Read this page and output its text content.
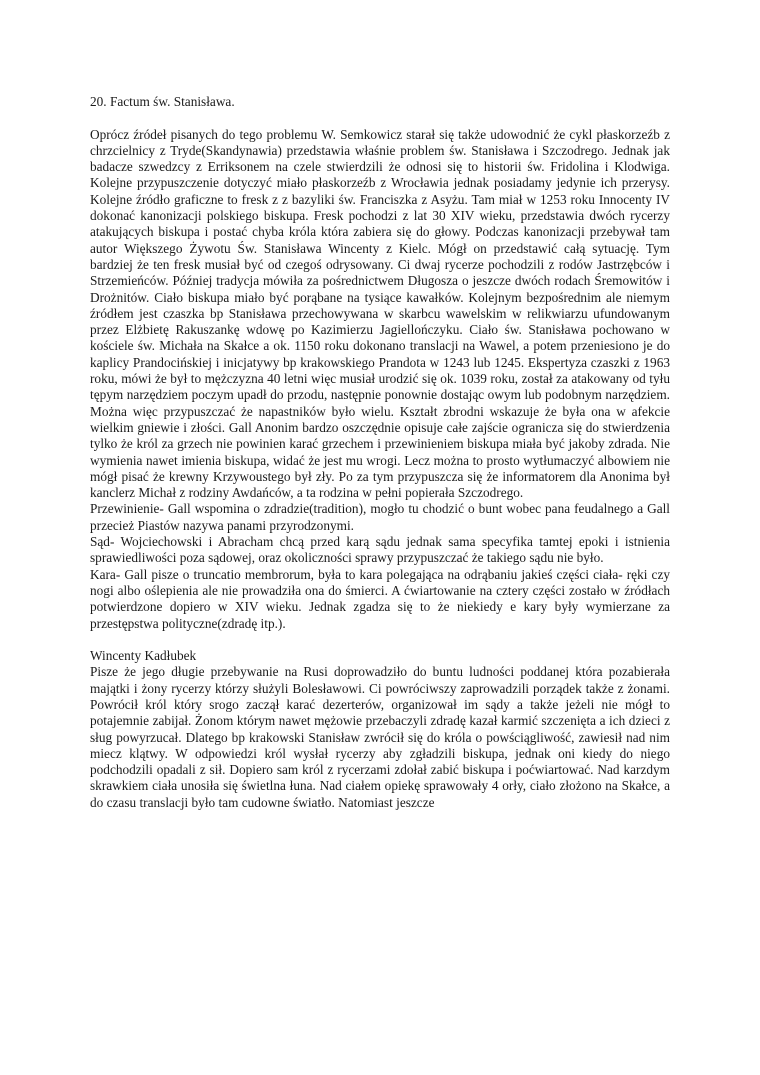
20. Factum św. Stanisława.

Oprócz źródeł pisanych do tego problemu W. Semkowicz starał się także udowodnić że cykl płaskorzeźb z chrzcielnicy z Tryde(Skandynawia) przedstawia właśnie problem św. Stanisława i Szczodrego. Jednak jak badacze szwedzcy z Erriksonem na czele stwierdzili że odnosi się to historii św. Fridolina i Klodwiga. Kolejne przypuszczenie dotyczyć miało płaskorzeźb z Wrocławia jednak posiadamy jedynie ich przerysy. Kolejne źródło graficzne to fresk z z bazyliki św. Franciszka z Asyżu. Tam miał w 1253 roku Innocenty IV dokonać kanonizacji polskiego biskupa. Fresk pochodzi z lat 30 XIV wieku, przedstawia dwóch rycerzy atakujących biskupa i postać chyba króla która zabiera się do głowy. Podczas kanonizacji przebywał tam autor Większego Żywotu Św. Stanisława Wincenty z Kielc. Mógł on przedstawić całą sytuację. Tym bardziej że ten fresk musiał być od czegoś odrysowany. Ci dwaj rycerze pochodzili z rodów Jastrzębców i Strzemieńców. Później tradycja mówiła za pośrednictwem Długosza o jeszcze dwóch rodach Śremowitów i Drożnitów. Ciało biskupa miało być porąbane na tysiące kawałków. Kolejnym bezpośrednim ale niemym źródłem jest czaszka bp Stanisława przechowywana w skarbcu wawelskim w relikwiarzu ufundowanym przez Elżbietę Rakuszankę wdowę po Kazimierzu Jagiellończyku. Ciało św. Stanisława pochowano w kościele św. Michała na Skałce a ok. 1150 roku dokonano translacji na Wawel, a potem przeniesiono je do kaplicy Prandocińskiej i inicjatywy bp krakowskiego Prandota w 1243 lub 1245. Ekspertyza czaszki z 1963 roku, mówi że był to mężczyzna 40 letni więc musiał urodzić się ok. 1039 roku, został za atakowany od tyłu tępym narzędziem poczym upadł do przodu, następnie ponownie dostając owym lub podobnym narzędziem. Można więc przypuszczać że napastników było wielu. Kształt zbrodni wskazuje że była ona w afekcie wielkim gniewie i złości. Gall Anonim bardzo oszczędnie opisuje całe zajście ogranicza się do stwierdzenia tylko że król za grzech nie powinien karać grzechem i przewinieniem biskupa miała być jakoby zdrada. Nie wymienia nawet imienia biskupa, widać że jest mu wrogi. Lecz można to prosto wytłumaczyć albowiem nie mógł pisać że krewny Krzywoustego był zły. Po za tym przypuszcza się że informatorem dla Anonima był kanclerz Michał z rodziny Awdańców, a ta rodzina w pełni popierała Szczodrego.

Przewinienie- Gall wspomina o zdradzie(tradition), mogło tu chodzić o bunt wobec pana feudalnego a Gall przecież Piastów nazywa panami przyrodzonymi.

Sąd- Wojciechowski i Abracham chcą przed karą sądu jednak sama specyfika tamtej epoki i istnienia sprawiedliwości poza sądowej, oraz okoliczności sprawy przypuszczać że takiego sądu nie było.

Kara- Gall pisze o truncatio membrorum, była to kara polegająca na odrąbaniu jakieś części ciała- ręki czy nogi albo oślepienia ale nie prowadziła ona do śmierci. A ćwiartowanie na cztery części zostało w źródłach potwierdzone dopiero w XIV wieku. Jednak zgadza się to że niekiedy e kary były wymierzane za przestępstwa polityczne(zdradę itp.).

Wincenty Kadłubek

Pisze że jego długie przebywanie na Rusi doprowadziło do buntu ludności poddanej która pozabierała majątki i żony rycerzy którzy służyli Bolesławowi. Ci powróciwszy zaprowadzili porządek także z żonami. Powrócił król który srogo zaczął karać dezerterów, organizował im sądy a także jeżeli nie mógł to potajemnie zabijał. Żonom którym nawet mężowie przebaczyli zdradę kazał karmić szczenięta a ich dzieci z sług powyrzucał. Dlatego bp krakowski Stanisław zwrócił się do króla o powściągliwość, zawiesił nad nim miecz klątwy. W odpowiedzi król wysłał rycerzy aby zgładzili biskupa, jednak oni kiedy do niego podchodzili opadali z sił. Dopiero sam król z rycerzami zdołał zabić biskupa i poćwiartować. Nad karzdym skrawkiem ciała unosiła się świetlna łuna. Nad ciałem opiekę sprawowały 4 orły, ciało złożono na Skałce, a do czasu translacji było tam cudowne światło. Natomiast jeszcze
